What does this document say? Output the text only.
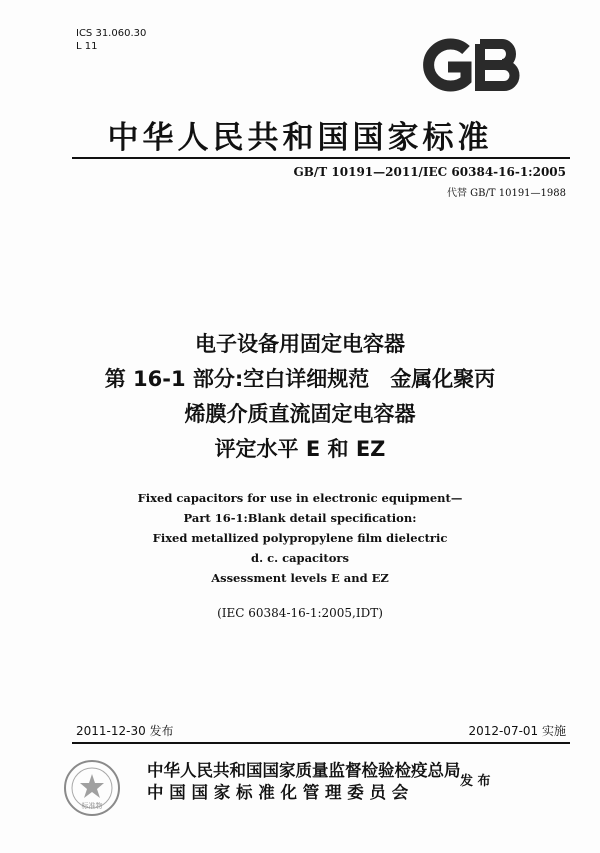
ICS 31.060.30
L 11
中华人民共和国国家标准
GB/T 10191—2011/IEC 60384-16-1:2005
代替 GB/T 10191—1988
电子设备用固定电容器
第 16-1 部分:空白详细规范　金属化聚丙
烯膜介质直流固定电容器
评定水平 E 和 EZ
Fixed capacitors for use in electronic equipment—
Part 16-1:Blank detail specification:
Fixed metallized polypropylene film dielectric
d. c. capacitors
Assessment levels E and EZ
(IEC 60384-16-1:2005,IDT)
2011-12-30 发布	2012-07-01 实施
标准物
中华人民共和国国家质量监督检验检疫总局
中 国 国 家 标 准 化 管 理 委 员 会
发 布
